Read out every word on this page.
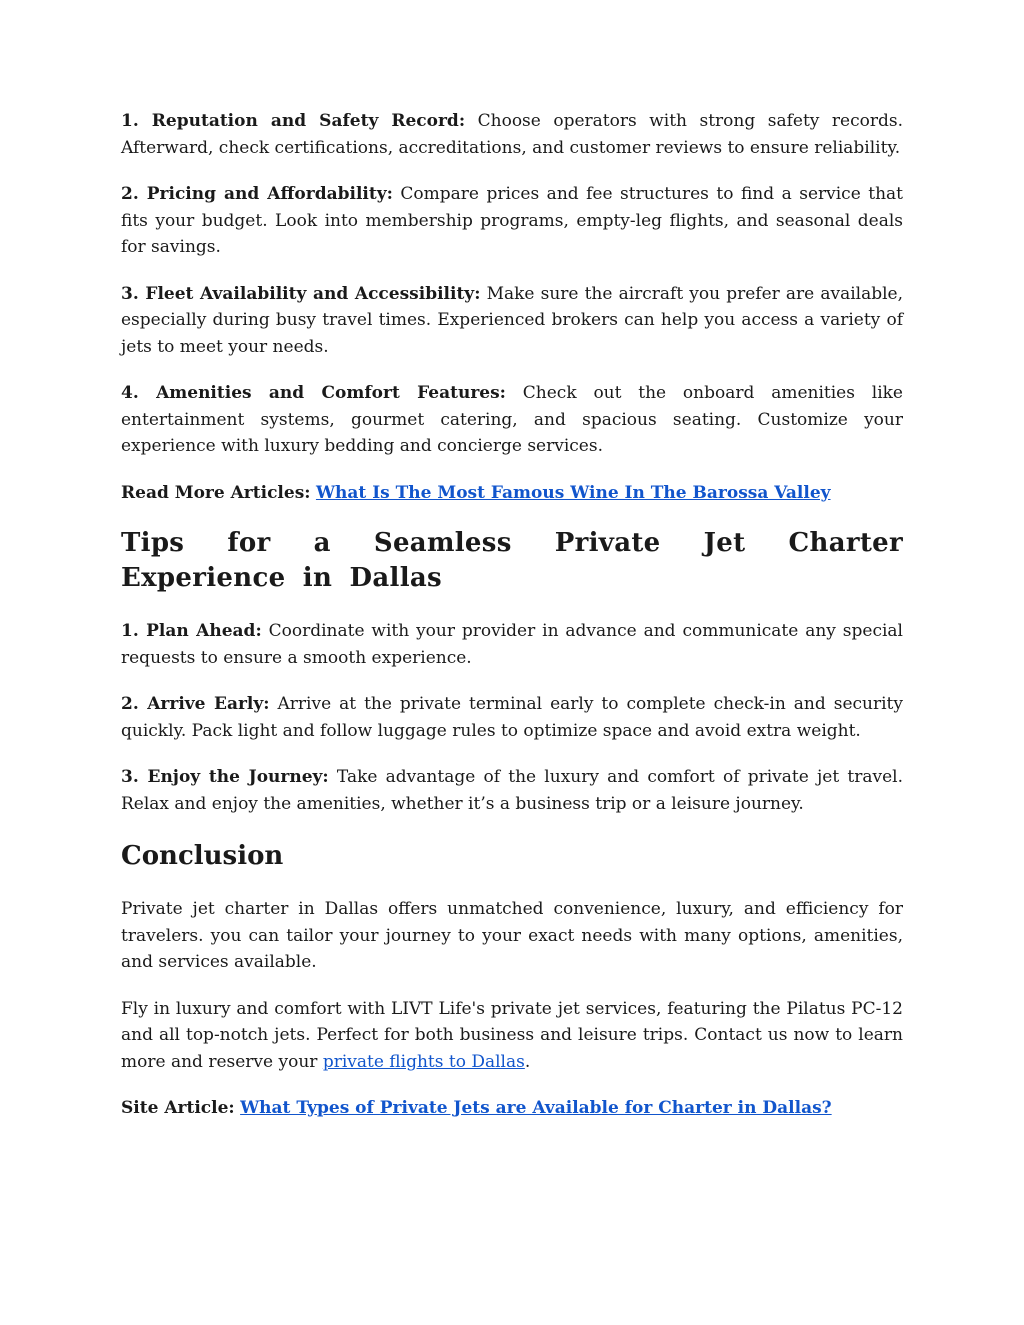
1. Reputation and Safety Record: Choose operators with strong safety records. Afterward, check certifications, accreditations, and customer reviews to ensure reliability.

2. Pricing and Affordability: Compare prices and fee structures to find a service that fits your budget. Look into membership programs, empty-leg flights, and seasonal deals for savings.

3. Fleet Availability and Accessibility: Make sure the aircraft you prefer are available, especially during busy travel times. Experienced brokers can help you access a variety of jets to meet your needs.

4. Amenities and Comfort Features: Check out the onboard amenities like entertainment systems, gourmet catering, and spacious seating. Customize your experience with luxury bedding and concierge services.

Read More Articles: What Is The Most Famous Wine In The Barossa Valley

Tips for a Seamless Private Jet Charter Experience in Dallas

1. Plan Ahead: Coordinate with your provider in advance and communicate any special requests to ensure a smooth experience.

2. Arrive Early: Arrive at the private terminal early to complete check-in and security quickly. Pack light and follow luggage rules to optimize space and avoid extra weight.

3. Enjoy the Journey: Take advantage of the luxury and comfort of private jet travel. Relax and enjoy the amenities, whether it’s a business trip or a leisure journey.

Conclusion

Private jet charter in Dallas offers unmatched convenience, luxury, and efficiency for travelers. you can tailor your journey to your exact needs with many options, amenities, and services available.

Fly in luxury and comfort with LIVT Life's private jet services, featuring the Pilatus PC-12 and all top-notch jets. Perfect for both business and leisure trips. Contact us now to learn more and reserve your private flights to Dallas.

Site Article: What Types of Private Jets are Available for Charter in Dallas?
